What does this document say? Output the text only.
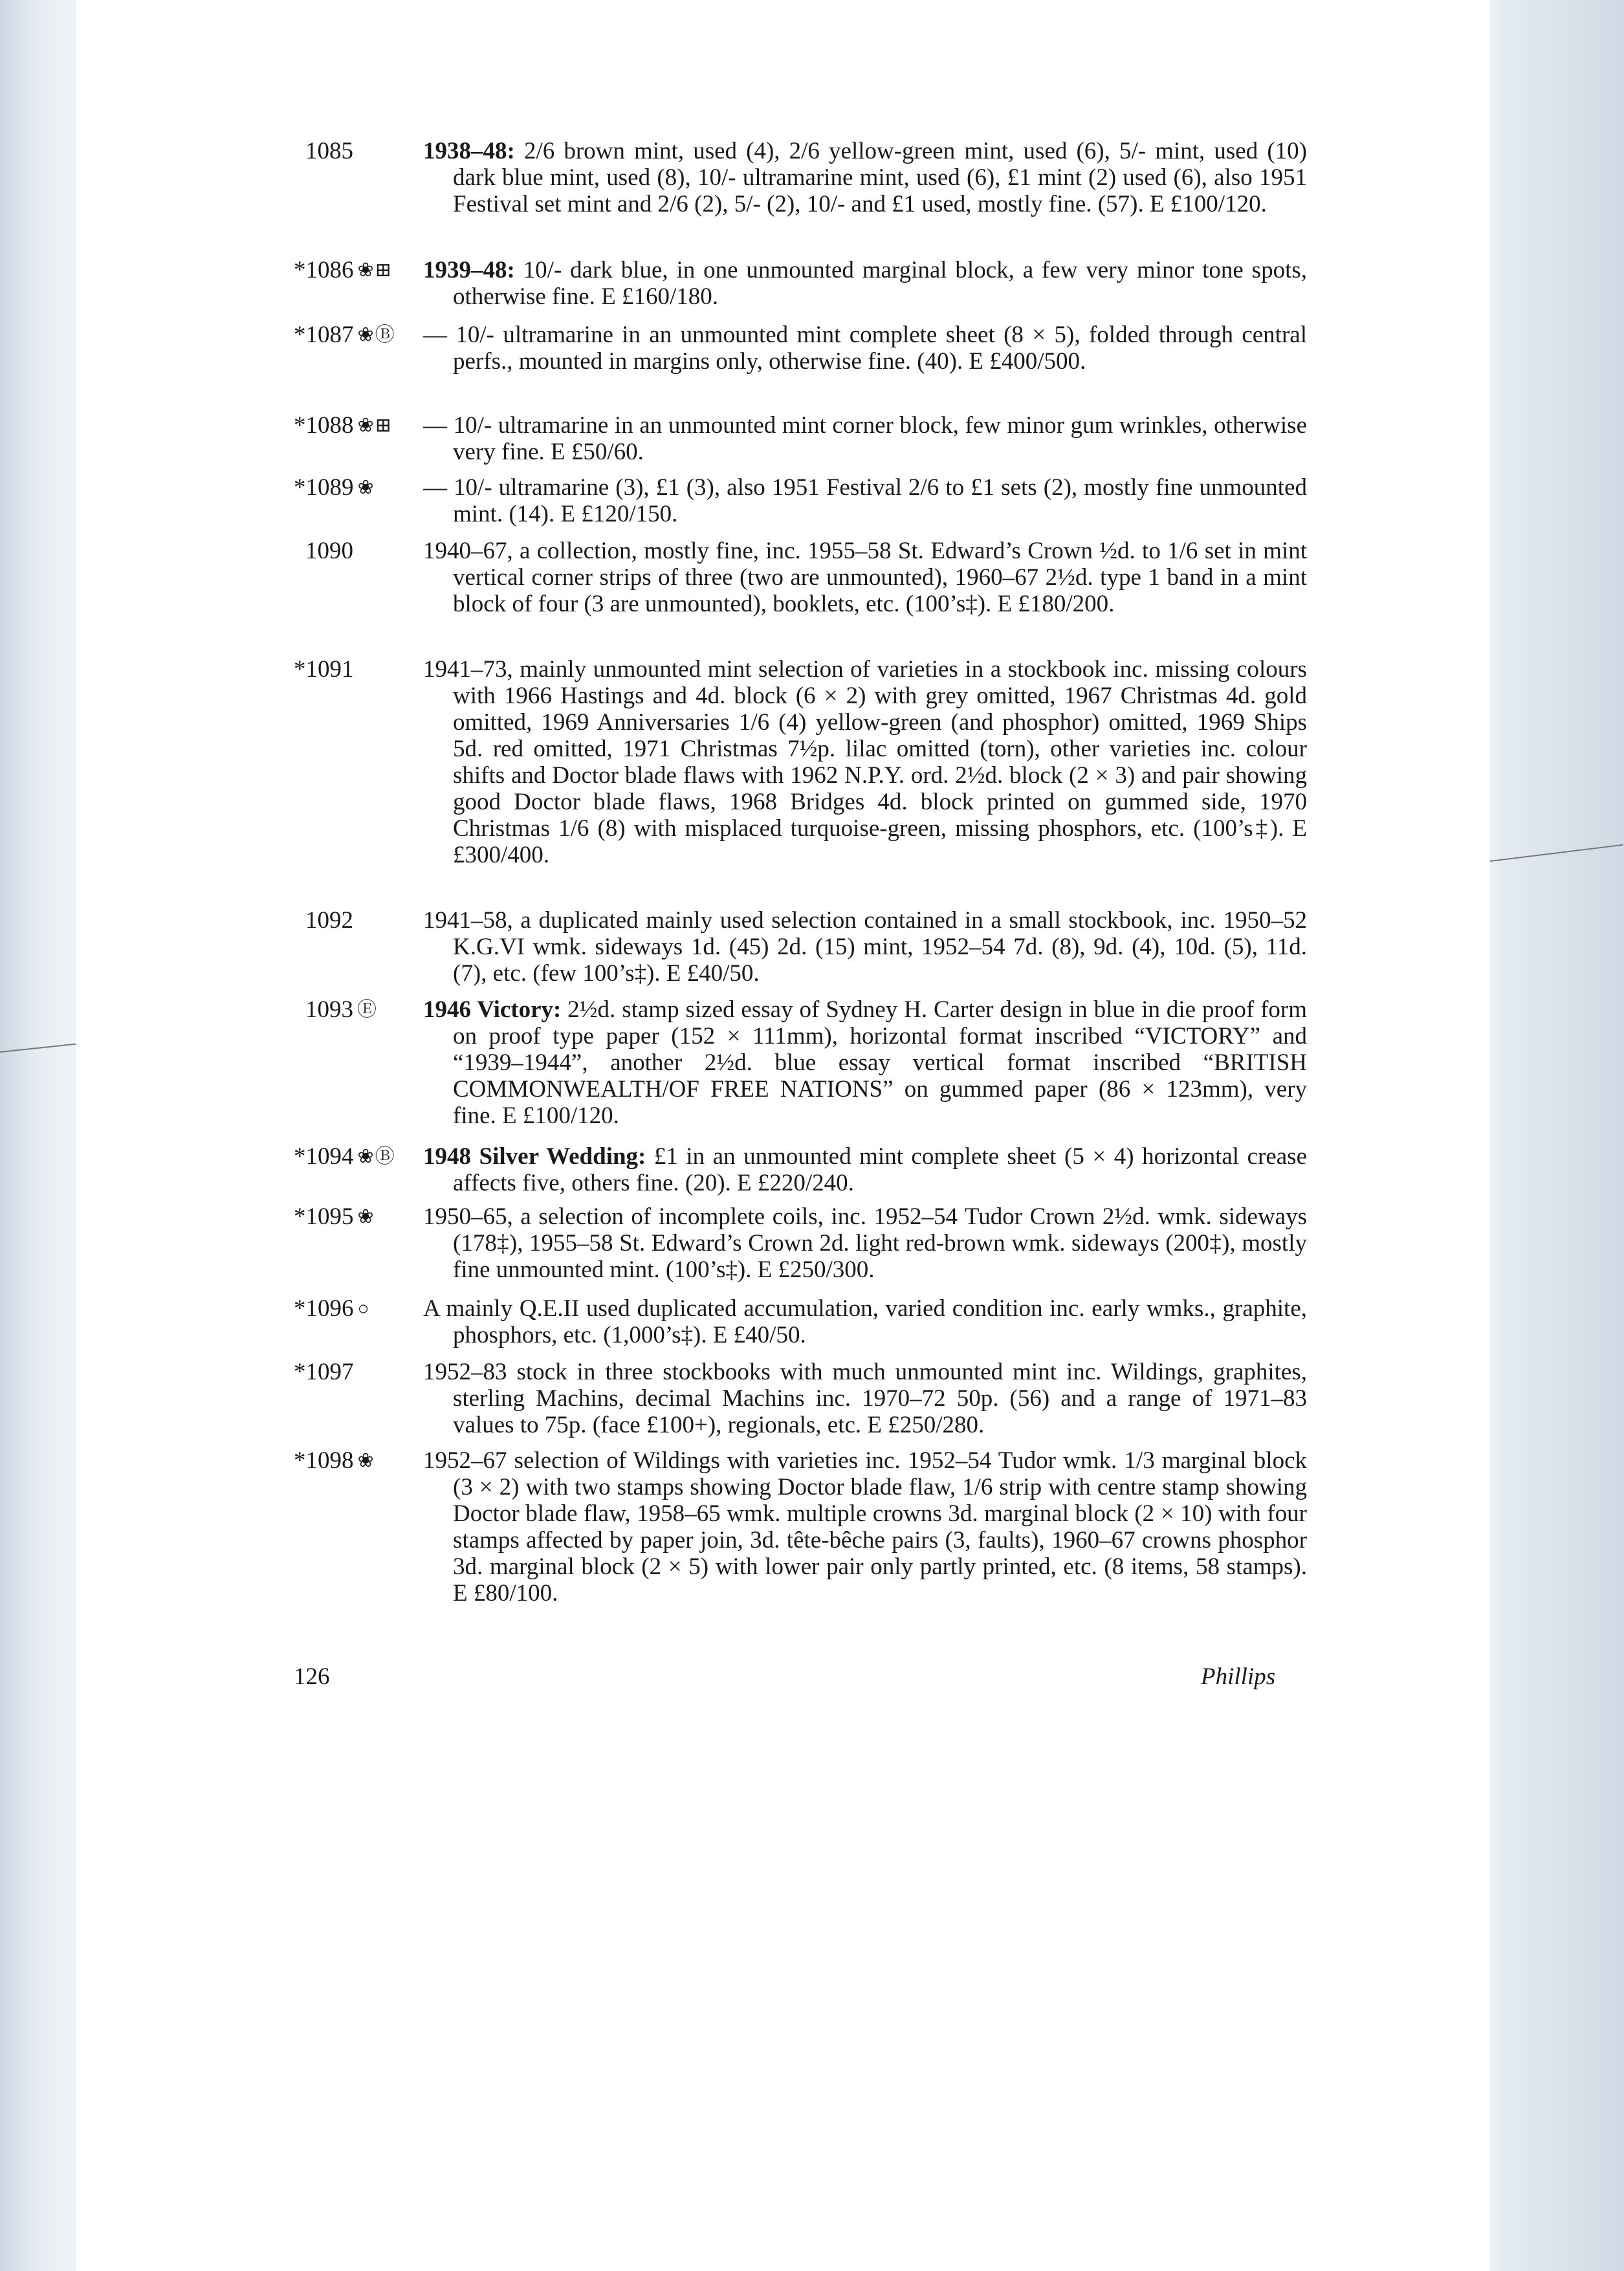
1085	1938–48: 2/6 brown mint, used (4), 2/6 yellow-green mint, used (6), 5/- mint, used (10) dark blue mint, used (8), 10/- ultramarine mint, used (6), £1 mint (2) used (6), also 1951 Festival set mint and 2/6 (2), 5/- (2), 10/- and £1 used, mostly fine. (57). E £100/120.
*1086 ❀⊞	1939–48: 10/- dark blue, in one unmounted marginal block, a few very minor tone spots, otherwise fine. E £160/180.
*1087 ❀Ⓑ	— 10/- ultramarine in an unmounted mint complete sheet (8 × 5), folded through central perfs., mounted in margins only, otherwise fine. (40). E £400/500.
*1088 ❀⊞	— 10/- ultramarine in an unmounted mint corner block, few minor gum wrinkles, otherwise very fine. E £50/60.
*1089 ❀	— 10/- ultramarine (3), £1 (3), also 1951 Festival 2/6 to £1 sets (2), mostly fine unmounted mint. (14). E £120/150.
1090	1940–67, a collection, mostly fine, inc. 1955–58 St. Edward’s Crown ½d. to 1/6 set in mint vertical corner strips of three (two are unmounted), 1960–67 2½d. type 1 band in a mint block of four (3 are unmounted), booklets, etc. (100’s‡). E £180/200.
*1091	1941–73, mainly unmounted mint selection of varieties in a stockbook inc. missing colours with 1966 Hastings and 4d. block (6 × 2) with grey omitted, 1967 Christmas 4d. gold omitted, 1969 Anniversaries 1/6 (4) yellow-green (and phosphor) omitted, 1969 Ships 5d. red omitted, 1971 Christmas 7½p. lilac omitted (torn), other varieties inc. colour shifts and Doctor blade flaws with 1962 N.P.Y. ord. 2½d. block (2 × 3) and pair showing good Doctor blade flaws, 1968 Bridges 4d. block printed on gummed side, 1970 Christmas 1/6 (8) with misplaced turquoise-green, missing phosphors, etc. (100’s‡). E £300/400.
1092	1941–58, a duplicated mainly used selection contained in a small stockbook, inc. 1950–52 K.G.VI wmk. sideways 1d. (45) 2d. (15) mint, 1952–54 7d. (8), 9d. (4), 10d. (5), 11d. (7), etc. (few 100’s‡). E £40/50.
1093 Ⓔ	1946 Victory: 2½d. stamp sized essay of Sydney H. Carter design in blue in die proof form on proof type paper (152 × 111mm), horizontal format inscribed “VICTORY” and “1939–1944”, another 2½d. blue essay vertical format inscribed “BRITISH COMMONWEALTH/OF FREE NATIONS” on gummed paper (86 × 123mm), very fine. E £100/120.
*1094 ❀Ⓑ	1948 Silver Wedding: £1 in an unmounted mint complete sheet (5 × 4) horizontal crease affects five, others fine. (20). E £220/240.
*1095 ❀	1950–65, a selection of incomplete coils, inc. 1952–54 Tudor Crown 2½d. wmk. sideways (178‡), 1955–58 St. Edward’s Crown 2d. light red-brown wmk. sideways (200‡), mostly fine unmounted mint. (100’s‡). E £250/300.
*1096 ○	A mainly Q.E.II used duplicated accumulation, varied condition inc. early wmks., graphite, phosphors, etc. (1,000’s‡). E £40/50.
*1097	1952–83 stock in three stockbooks with much unmounted mint inc. Wildings, graphites, sterling Machins, decimal Machins inc. 1970–72 50p. (56) and a range of 1971–83 values to 75p. (face £100+), regionals, etc. E £250/280.
*1098 ❀	1952–67 selection of Wildings with varieties inc. 1952–54 Tudor wmk. 1/3 marginal block (3 × 2) with two stamps showing Doctor blade flaw, 1/6 strip with centre stamp showing Doctor blade flaw, 1958–65 wmk. multiple crowns 3d. marginal block (2 × 10) with four stamps affected by paper join, 3d. tête-bêche pairs (3, faults), 1960–67 crowns phosphor 3d. marginal block (2 × 5) with lower pair only partly printed, etc. (8 items, 58 stamps). E £80/100.
126	Phillips
